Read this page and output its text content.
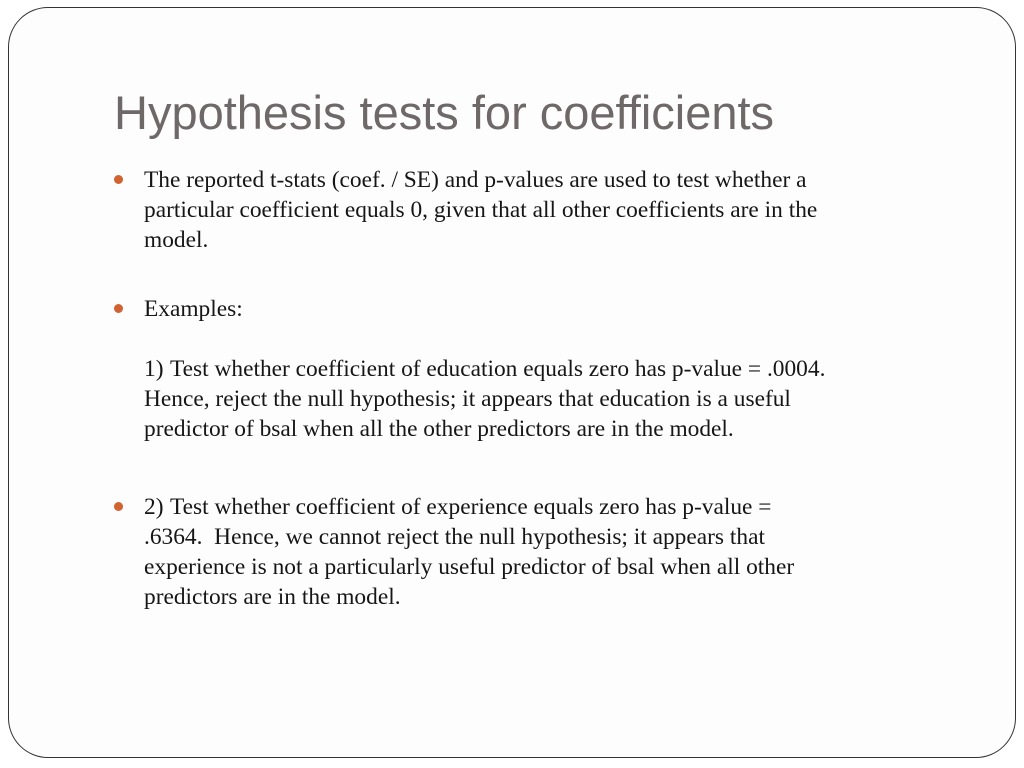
Hypothesis tests for coefficients

The reported t-stats (coef. / SE) and p-values are used to test whether a
particular coefficient equals 0, given that all other coefficients are in the
model.

Examples:

1) Test whether coefficient of education equals zero has p-value = .0004.
Hence, reject the null hypothesis; it appears that education is a useful
predictor of bsal when all the other predictors are in the model.

2) Test whether coefficient of experience equals zero has p-value =
.6364.  Hence, we cannot reject the null hypothesis; it appears that
experience is not a particularly useful predictor of bsal when all other
predictors are in the model.
